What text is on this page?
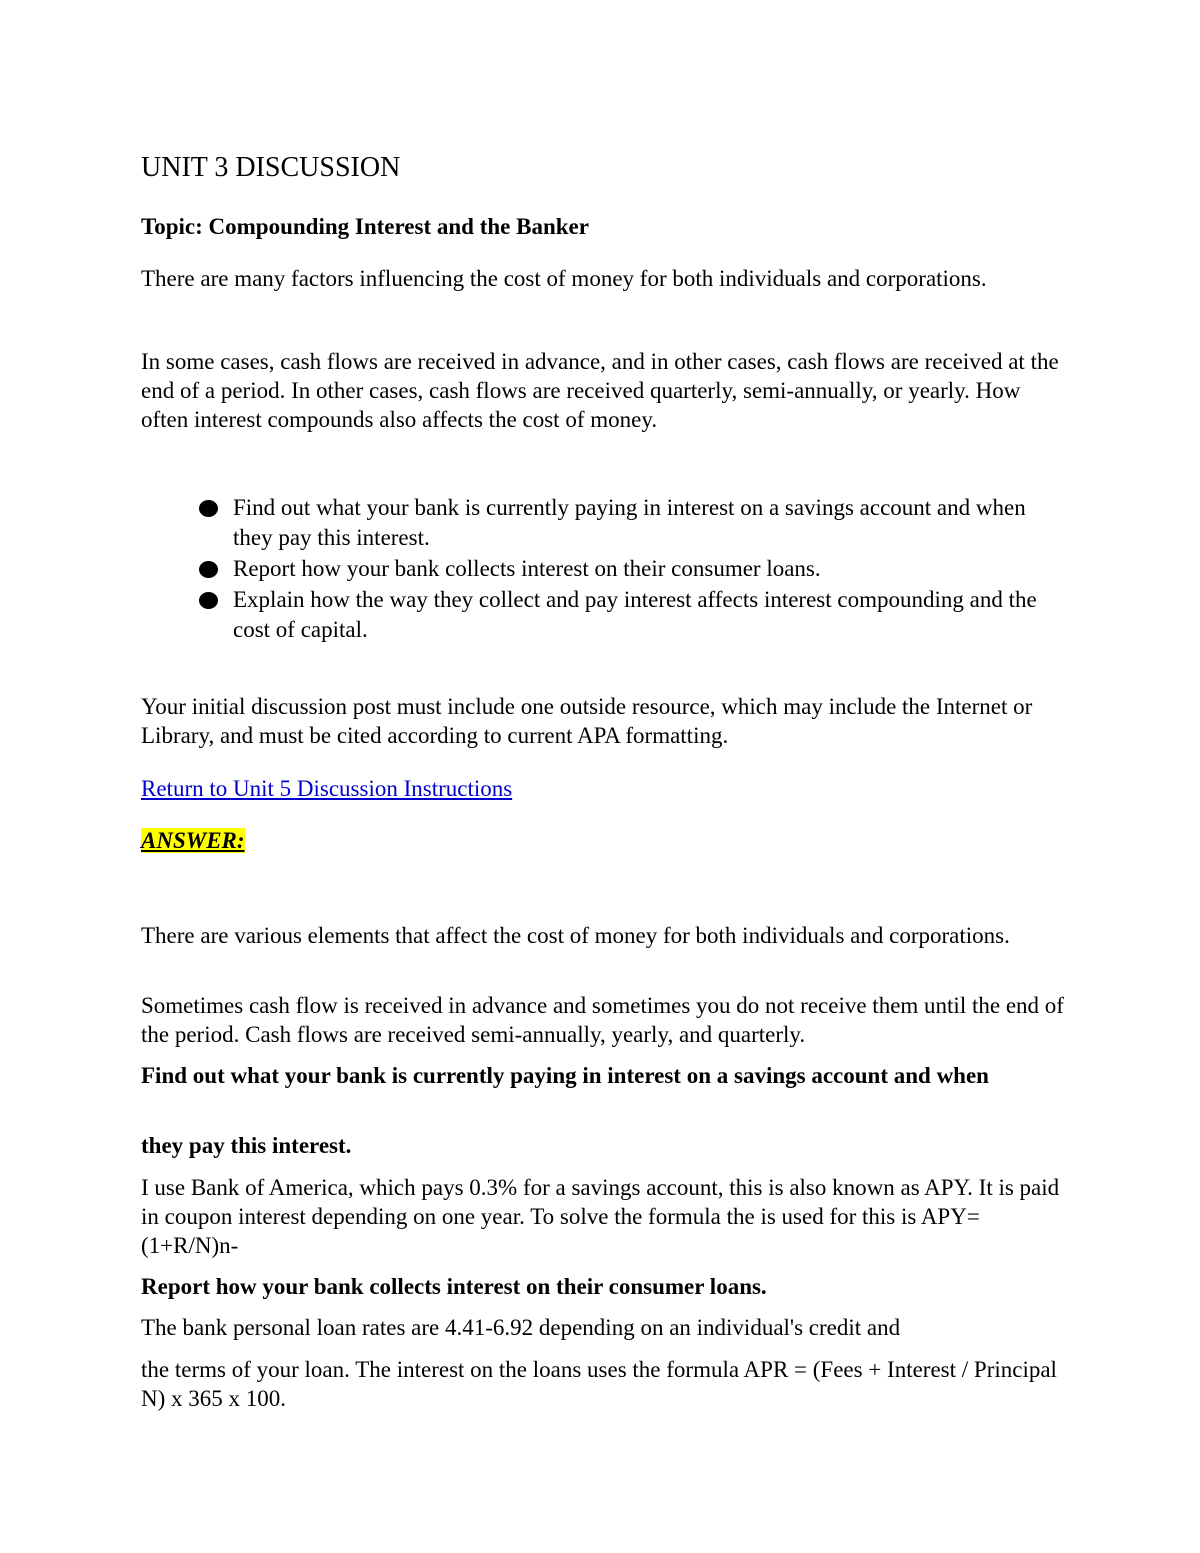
UNIT 3 DISCUSSION

Topic: Compounding Interest and the Banker

There are many factors influencing the cost of money for both individuals and corporations.

In some cases, cash flows are received in advance, and in other cases, cash flows are received at the end of a period. In other cases, cash flows are received quarterly, semi-annually, or yearly. How often interest compounds also affects the cost of money.

Find out what your bank is currently paying in interest on a savings account and when they pay this interest.
Report how your bank collects interest on their consumer loans.
Explain how the way they collect and pay interest affects interest compounding and the cost of capital.

Your initial discussion post must include one outside resource, which may include the Internet or Library, and must be cited according to current APA formatting.

Return to Unit 5 Discussion Instructions

ANSWER:

There are various elements that affect the cost of money for both individuals and corporations.

Sometimes cash flow is received in advance and sometimes you do not receive them until the end of the period. Cash flows are received semi-annually, yearly, and quarterly.

Find out what your bank is currently paying in interest on a savings account and when

they pay this interest.

I use Bank of America, which pays 0.3% for a savings account, this is also known as APY. It is paid in coupon interest depending on one year. To solve the formula the is used for this is APY= (1+R/N)n-

Report how your bank collects interest on their consumer loans.

The bank personal loan rates are 4.41-6.92 depending on an individual's credit and

the terms of your loan. The interest on the loans uses the formula APR = (Fees + Interest / Principal N) x 365 x 100.
